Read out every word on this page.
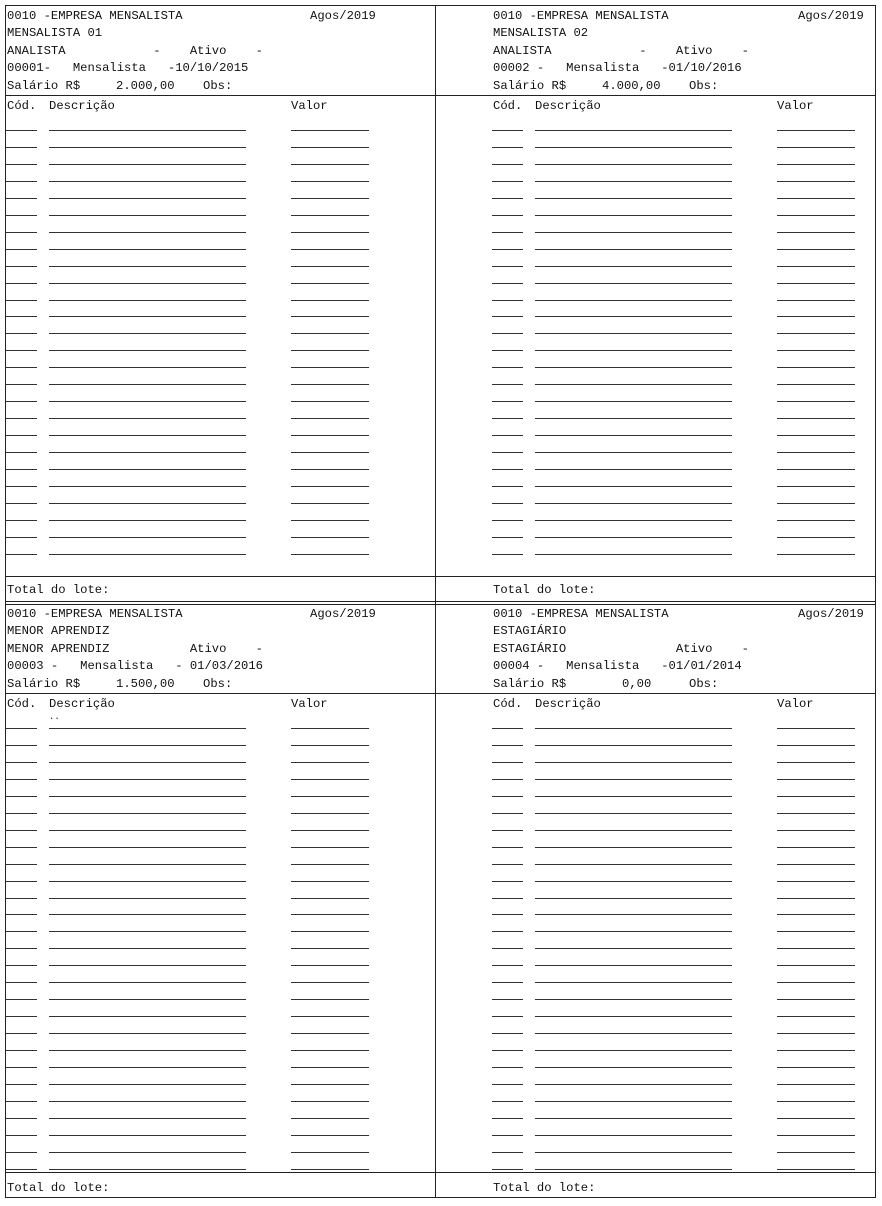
0010 -EMPRESA MENSALISTA	Agos/2019
MENSALISTA 01
ANALISTA            -    Ativo    -
00001-   Mensalista   -10/10/2015
Salário R$	2.000,00 Obs:
Cód. Descrição	Valor
Total do lote:
0010 -EMPRESA MENSALISTA	Agos/2019
MENSALISTA 02
ANALISTA            -    Ativo    -
00002 -   Mensalista   -01/10/2016
Salário R$	4.000,00 Obs:
Cód. Descrição	Valor
Total do lote:
0010 -EMPRESA MENSALISTA	Agos/2019
MENOR APRENDIZ
MENOR APRENDIZ           Ativo    -
00003 -   Mensalista   - 01/03/2016
Salário R$	1.500,00 Obs:
Cód. Descrição	Valor
..
Total do lote:
0010 -EMPRESA MENSALISTA	Agos/2019
ESTAGIÁRIO
ESTAGIÁRIO               Ativo    -
00004 -   Mensalista   -01/01/2014
Salário R$	0,00	Obs:
Cód. Descrição	Valor
Total do lote:
